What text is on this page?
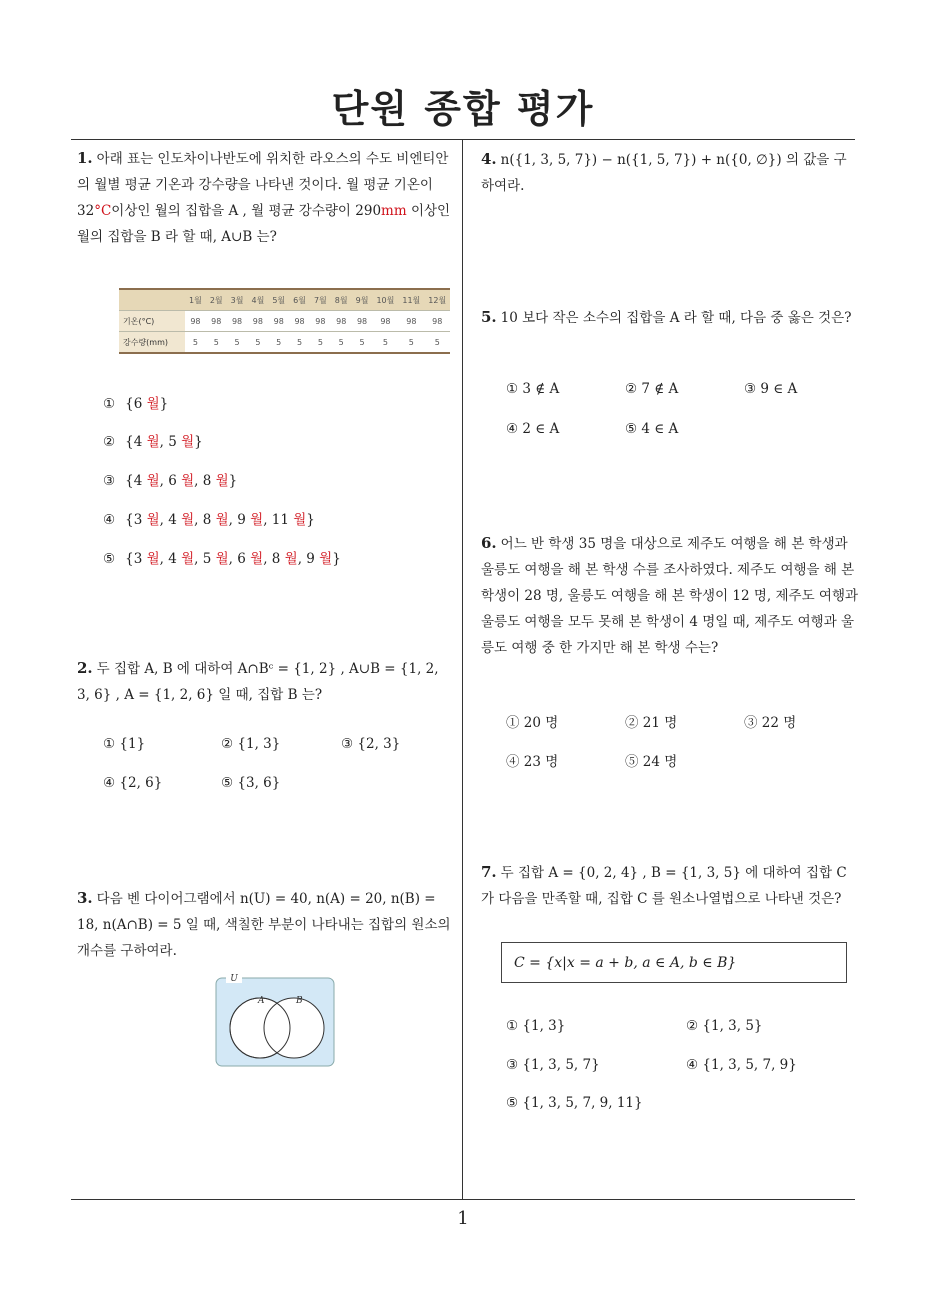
단원 종합 평가
1
1. 아래 표는 인도차이나반도에 위치한 라오스의 수도 비엔티안의 월별 평균 기온과 강수량을 나타낸 것이다. 월 평균 기온이 32°C이상인 월의 집합을 A , 월 평균 강수량이 290mm 이상인 월의 집합을 B 라 할 때, A∪B 는?
	1월	2월	3월	4월	5월	6월	7월	8월	9월	10월	11월	12월
기온(°C)	98	98	98	98	98	98	98	98	98	98	98	98
강수량(mm)	5	5	5	5	5	5	5	5	5	5	5	5
① {6 월}
② {4 월, 5 월}
③ {4 월, 6 월, 8 월}
④ {3 월, 4 월, 8 월, 9 월, 11 월}
⑤ {3 월, 4 월, 5 월, 6 월, 8 월, 9 월}
2. 두 집합 A, B 에 대하여 A∩Bᶜ = {1, 2} , A∪B = {1, 2, 3, 6} , A = {1, 2, 6} 일 때, 집합 B 는?
① {1}	② {1, 3}	③ {2, 3}
④ {2, 6}	⑤ {3, 6}
3. 다음 벤 다이어그램에서 n(U) = 40, n(A) = 20, n(B) = 18, n(A∩B) = 5 일 때, 색칠한 부분이 나타내는 집합의 원소의 개수를 구하여라.
U
A	B
4. n({1, 3, 5, 7}) − n({1, 5, 7}) + n({0, ∅}) 의 값을 구하여라.
5. 10 보다 작은 소수의 집합을 A 라 할 때, 다음 중 옳은 것은?
① 3 ∉ A	② 7 ∉ A	③ 9 ∈ A
④ 2 ∈ A	⑤ 4 ∈ A
6. 어느 반 학생 35 명을 대상으로 제주도 여행을 해 본 학생과 울릉도 여행을 해 본 학생 수를 조사하였다. 제주도 여행을 해 본 학생이 28 명, 울릉도 여행을 해 본 학생이 12 명, 제주도 여행과 울릉도 여행을 모두 못해 본 학생이 4 명일 때, 제주도 여행과 울릉도 여행 중 한 가지만 해 본 학생 수는?
① 20 명	② 21 명	③ 22 명
④ 23 명	⑤ 24 명
7. 두 집합 A = {0, 2, 4} , B = {1, 3, 5} 에 대하여 집합 C 가 다음을 만족할 때, 집합 C 를 원소나열법으로 나타낸 것은?
C = {x|x = a + b, a ∈ A, b ∈ B}
① {1, 3}	② {1, 3, 5}
③ {1, 3, 5, 7}	④ {1, 3, 5, 7, 9}
⑤ {1, 3, 5, 7, 9, 11}
